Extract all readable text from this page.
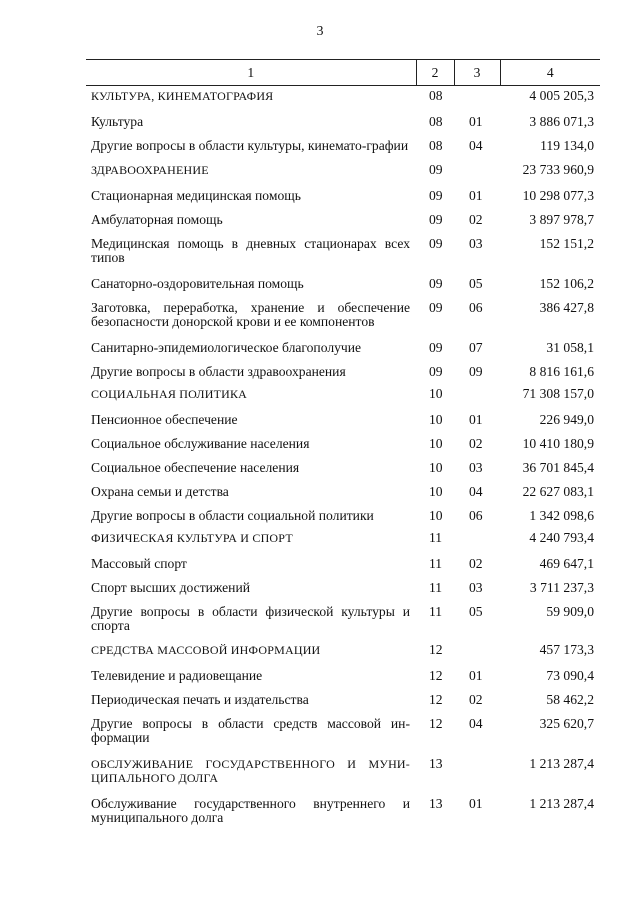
3
1	2	3	4
КУЛЬТУРА, КИНЕМАТОГРАФИЯ	08		4 005 205,3
Культура	08	01	3 886 071,3
Другие вопросы в области культуры, кинемато-графии	08	04	119 134,0
ЗДРАВООХРАНЕНИЕ	09		23 733 960,9
Стационарная медицинская помощь	09	01	10 298 077,3
Амбулаторная помощь	09	02	3 897 978,7
Медицинская помощь в дневных стационарах всех типов	09	03	152 151,2
Санаторно-оздоровительная помощь	09	05	152 106,2
Заготовка, переработка, хранение и обеспечение безопасности донорской крови и ее компонентов	09	06	386 427,8
Санитарно-эпидемиологическое благополучие	09	07	31 058,1
Другие вопросы в области здравоохранения	09	09	8 816 161,6
СОЦИАЛЬНАЯ ПОЛИТИКА	10		71 308 157,0
Пенсионное обеспечение	10	01	226 949,0
Социальное обслуживание населения	10	02	10 410 180,9
Социальное обеспечение населения	10	03	36 701 845,4
Охрана семьи и детства	10	04	22 627 083,1
Другие вопросы в области социальной политики	10	06	1 342 098,6
ФИЗИЧЕСКАЯ КУЛЬТУРА И СПОРТ	11		4 240 793,4
Массовый спорт	11	02	469 647,1
Спорт высших достижений	11	03	3 711 237,3
Другие вопросы в области физической культуры и спорта	11	05	59 909,0
СРЕДСТВА МАССОВОЙ ИНФОРМАЦИИ	12		457 173,3
Телевидение и радиовещание	12	01	73 090,4
Периодическая печать и издательства	12	02	58 462,2
Другие вопросы в области средств массовой ин-формации	12	04	325 620,7
ОБСЛУЖИВАНИЕ ГОСУДАРСТВЕННОГО И МУНИ-ЦИПАЛЬНОГО ДОЛГА	13		1 213 287,4
Обслуживание государственного внутреннего и муниципального долга	13	01	1 213 287,4
